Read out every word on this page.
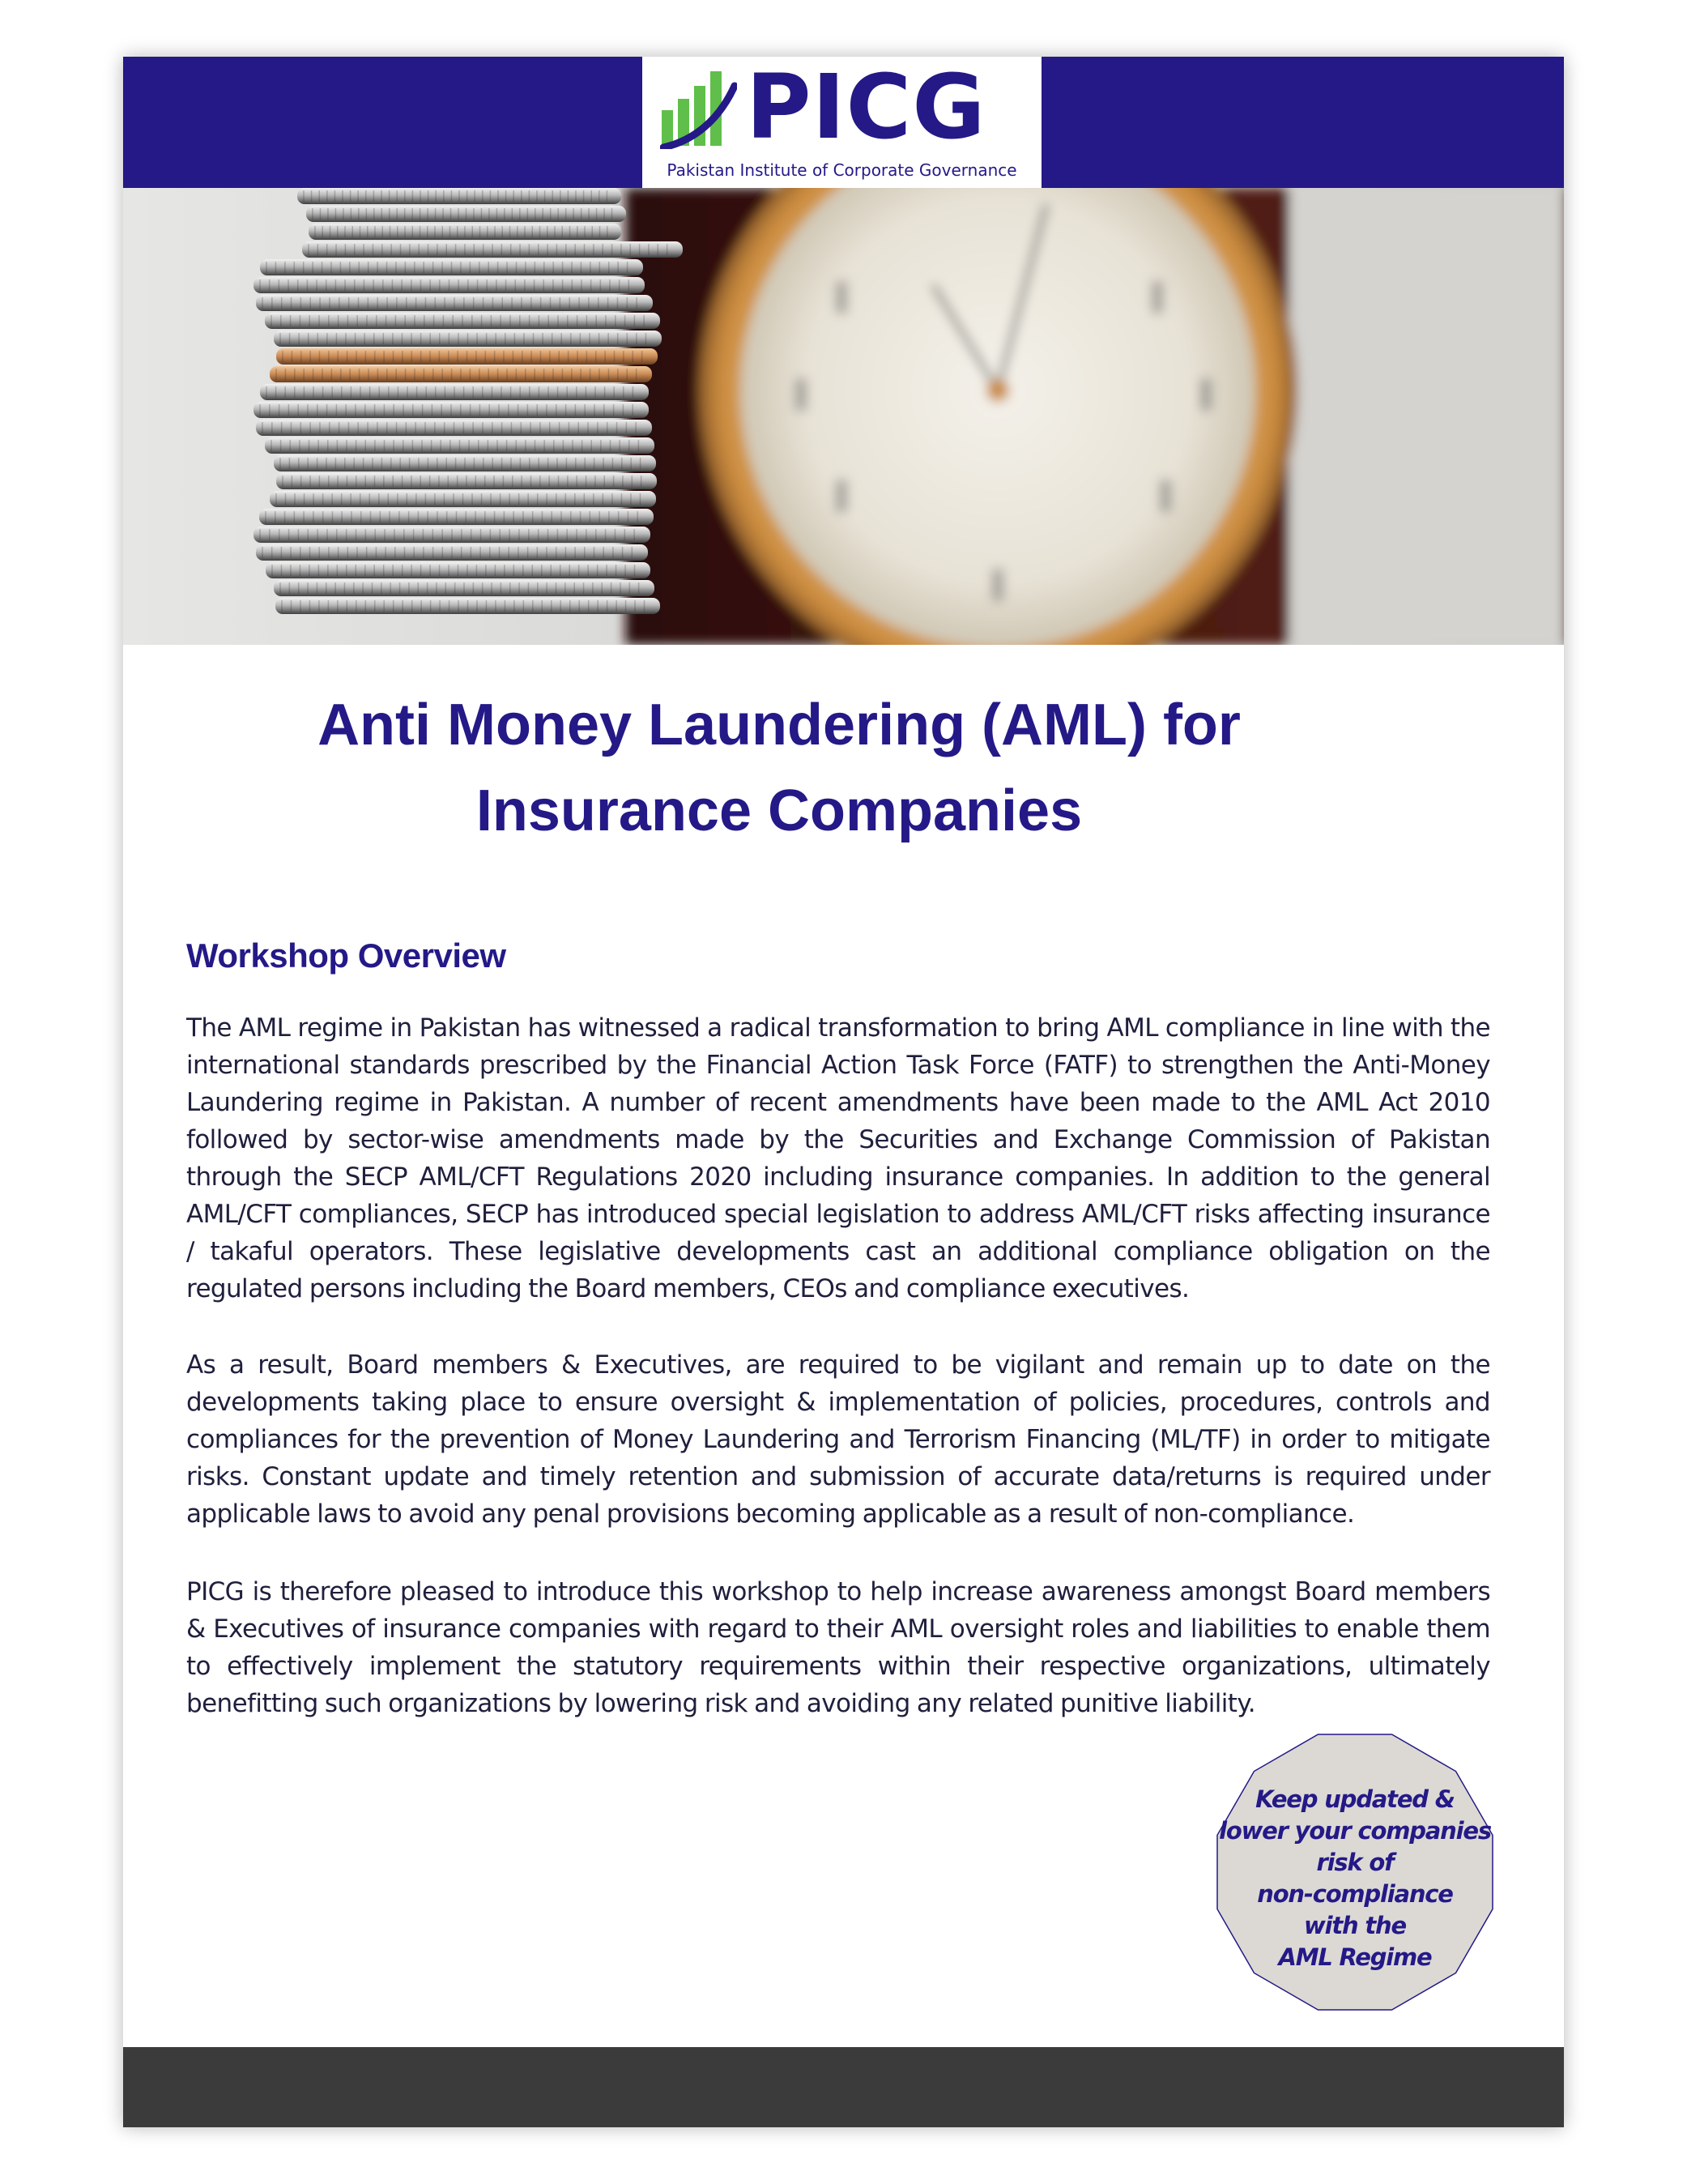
PICG
Pakistan Institute of Corporate Governance
Anti Money Laundering (AML) for
Insurance Companies
Workshop Overview

The AML regime in Pakistan has witnessed a radical transformation to bring AML compliance in line with the international standards prescribed by the Financial Action Task Force (FATF) to strengthen the Anti-Money Laundering regime in Pakistan. A number of recent amendments have been made to the AML Act 2010 followed by sector-wise amendments made by the Securities and Exchange Commission of Pakistan through the SECP AML/CFT Regulations 2020 including insurance companies. In addition to the general AML/CFT compliances, SECP has introduced special legislation to address AML/CFT risks affecting insurance / takaful operators. These legislative developments cast an additional compliance obligation on the regulated persons including the Board members, CEOs and compliance executives.

As a result, Board members & Executives, are required to be vigilant and remain up to date on the developments taking place to ensure oversight & implementation of policies, procedures, controls and compliances for the prevention of Money Laundering and Terrorism Financing (ML/TF) in order to mitigate risks. Constant update and timely retention and submission of accurate data/returns is required under applicable laws to avoid any penal provisions becoming applicable as a result of non-compliance.

PICG is therefore pleased to introduce this workshop to help increase awareness amongst Board members & Executives of insurance companies with regard to their AML oversight roles and liabilities to enable them to effectively implement the statutory requirements within their respective organizations, ultimately benefitting such organizations by lowering risk and avoiding any related punitive liability.

Keep updated &
lower your companies
risk of
non-compliance
with the
AML Regime
